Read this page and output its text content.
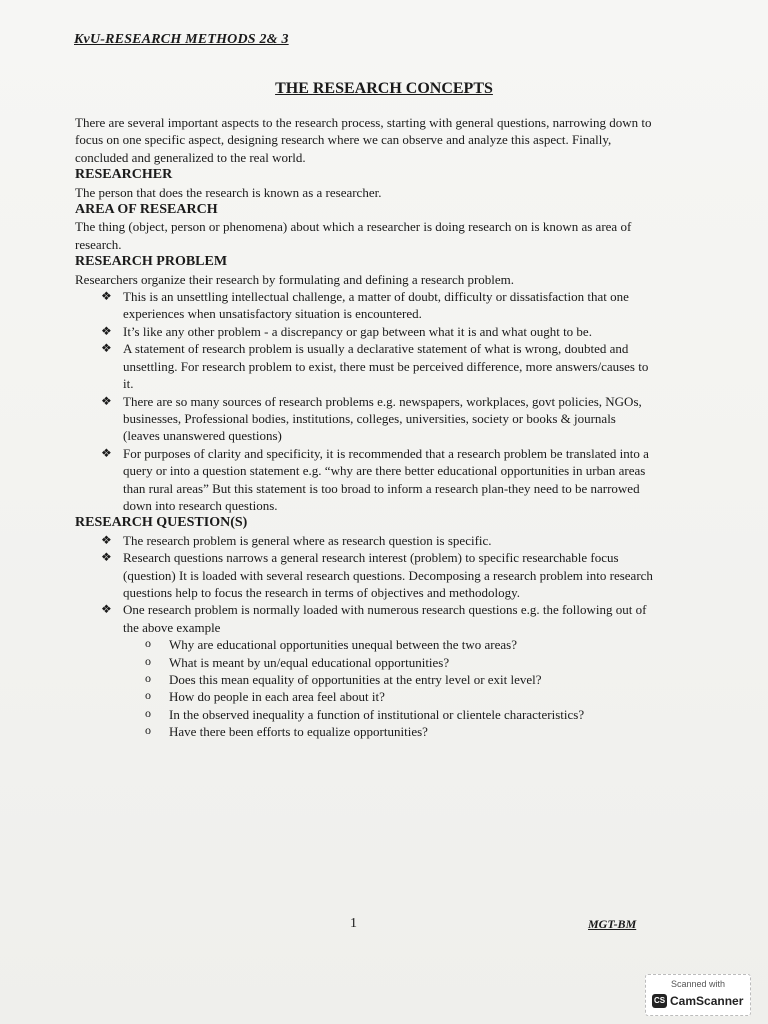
KvU-RESEARCH METHODS 2& 3
THE RESEARCH CONCEPTS

There are several important aspects to the research process, starting with general questions, narrowing down to focus on one specific aspect, designing research where we can observe and analyze this aspect. Finally, concluded and generalized to the real world.

RESEARCHER

The person that does the research is known as a researcher.

AREA OF RESEARCH

The thing (object, person or phenomena) about which a researcher is doing research on is known as area of research.

RESEARCH PROBLEM

Researchers organize their research by formulating and defining a research problem.

❖ This is an unsettling intellectual challenge, a matter of doubt, difficulty or dissatisfaction that one experiences when unsatisfactory situation is encountered.
❖ It’s like any other problem - a discrepancy or gap between what it is and what ought to be.
❖ A statement of research problem is usually a declarative statement of what is wrong, doubted and unsettling. For research problem to exist, there must be perceived difference, more answers/causes to it.
❖ There are so many sources of research problems e.g. newspapers, workplaces, govt policies, NGOs, businesses, Professional bodies, institutions, colleges, universities, society or books & journals (leaves unanswered questions)
❖ For purposes of clarity and specificity, it is recommended that a research problem be translated into a query or into a question statement e.g. “why are there better educational opportunities in urban areas than rural areas” But this statement is too broad to inform a research plan-they need to be narrowed down into research questions.

RESEARCH QUESTION(S)

❖ The research problem is general where as research question is specific.
❖ Research questions narrows a general research interest (problem) to specific researchable focus (question) It is loaded with several research questions. Decomposing a research problem into research questions help to focus the research in terms of objectives and methodology.
❖ One research problem is normally loaded with numerous research questions e.g. the following out of the above example
o Why are educational opportunities unequal between the two areas?
o What is meant by un/equal educational opportunities?
o Does this mean equality of opportunities at the entry level or exit level?
o How do people in each area feel about it?
o In the observed inequality a function of institutional or clientele characteristics?
o Have there been efforts to equalize opportunities?
1	MGT-BM
Scanned with
CS CamScanner
